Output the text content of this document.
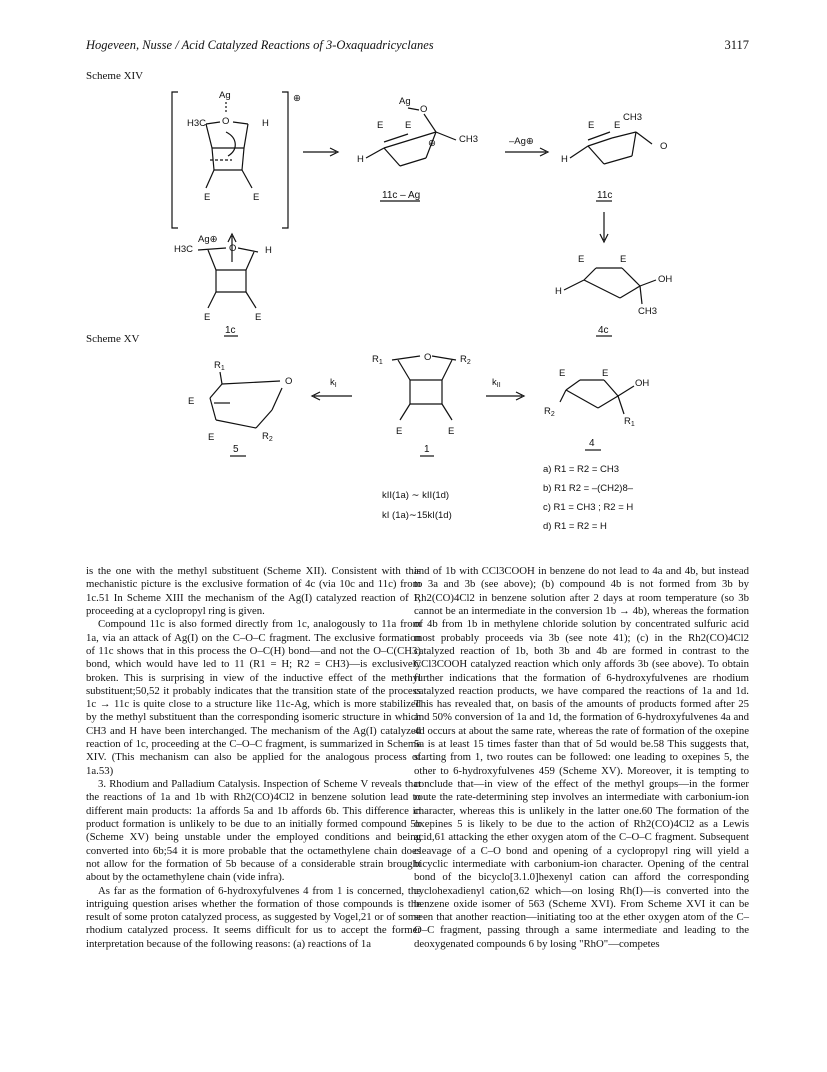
Hogeveen, Nusse / Acid Catalyzed Reactions of 3-Oxaquadricyclanes	3117
Scheme XIV
Scheme XV
⊕
Ag
H3C O	H
E	E
Ag⊕
H3C	O	H
E	E
1c
Ag
O
E E
CH3
⊕
H
11c – Ag
–Ag⊕
E E
CH3
O
H
11c
E	E
OH
CH3
H
4c
$R_1$
O
E
E	$R_2$
5
$k_I$
$R_1$	O	$R_2$
E	E
1
$k_{II}$
E	E
OH
$R_2$
$R_1$
4
a) R1 = R2 = CH3
b) R1 R2 = –(CH2)8–
c) R1 = CH3 ; R2 = H
d) R1 = R2 = H
kII(1a) ∼ kII(1d)
kI (1a)∼15kI(1d)

is the one with the methyl substituent (Scheme XII). Consistent with this mechanistic picture is the exclusive formation of 4c (via 10c and 11c) from 1c.51 In Scheme XIII the mechanism of the Ag(I) catalyzed reaction of 1, proceeding at a cyclopropyl ring is given.

Compound 11c is also formed directly from 1c, analogously to 11a from 1a, via an attack of Ag(I) on the C–O–C fragment. The exclusive formation of 11c shows that in this process the O–C(H) bond—and not the O–C(CH3) bond, which would have led to 11 (R1 = H; R2 = CH3)—is exclusively broken. This is surprising in view of the inductive effect of the methyl substituent;50,52 it probably indicates that the transition state of the process 1c → 11c is quite close to a structure like 11c-Ag, which is more stabilized by the methyl substituent than the corresponding isomeric structure in which CH3 and H have been interchanged. The mechanism of the Ag(I) catalyzed reaction of 1c, proceeding at the C–O–C fragment, is summarized in Scheme XIV. (This mechanism can also be applied for the analogous process of 1a.53)

3. Rhodium and Palladium Catalysis. Inspection of Scheme V reveals that the reactions of 1a and 1b with Rh2(CO)4Cl2 in benzene solution lead to different main products: 1a affords 5a and 1b affords 6b. This difference in product formation is unlikely to be due to an initially formed compound 5b (Scheme XV) being unstable under the employed conditions and being converted into 6b;54 it is more probable that the octamethylene chain does not allow for the formation of 5b because of a considerable strain brought about by the octamethylene chain (vide infra).

As far as the formation of 6-hydroxyfulvenes 4 from 1 is concerned, the intriguing question arises whether the formation of those compounds is the result of some proton catalyzed process, as suggested by Vogel,21 or of some rhodium catalyzed process. It seems difficult for us to accept the former interpretation because of the following reasons: (a) reactions of 1a

and of 1b with CCl3COOH in benzene do not lead to 4a and 4b, but instead to 3a and 3b (see above); (b) compound 4b is not formed from 3b by Rh2(CO)4Cl2 in benzene solution after 2 days at room temperature (so 3b cannot be an intermediate in the conversion 1b → 4b), whereas the formation of 4b from 1b in methylene chloride solution by concentrated sulfuric acid most probably proceeds via 3b (see note 41); (c) in the Rh2(CO)4Cl2 catalyzed reaction of 1b, both 3b and 4b are formed in contrast to the CCl3COOH catalyzed reaction which only affords 3b (see above). To obtain further indications that the formation of 6-hydroxyfulvenes are rhodium catalyzed reaction products, we have compared the reactions of 1a and 1d. This has revealed that, on basis of the amounts of products formed after 25 and 50% conversion of 1a and 1d, the formation of 6-hydroxyfulvenes 4a and 4d occurs at about the same rate, whereas the rate of formation of the oxepine 5a is at least 15 times faster than that of 5d would be.58 This suggests that, starting from 1, two routes can be followed: one leading to oxepines 5, the other to 6-hydroxyfulvenes 459 (Scheme XV). Moreover, it is tempting to conclude that—in view of the effect of the methyl groups—in the former route the rate-determining step involves an intermediate with carbonium-ion character, whereas this is unlikely in the latter one.60 The formation of the oxepines 5 is likely to be due to the action of Rh2(CO)4Cl2 as a Lewis acid,61 attacking the ether oxygen atom of the C–O–C fragment. Subsequent cleavage of a C–O bond and opening of a cyclopropyl ring will yield a bicyclic intermediate with carbonium-ion character. Opening of the central bond of the bicyclo[3.1.0]hexenyl cation can afford the corresponding cyclohexadienyl cation,62 which—on losing Rh(I)—is converted into the benzene oxide isomer of 563 (Scheme XVI). From Scheme XVI it can be seen that another reaction—initiating too at the ether oxygen atom of the C–O–C fragment, passing through a same intermediate and leading to the deoxygenated compounds 6 by losing "RhO"—competes
